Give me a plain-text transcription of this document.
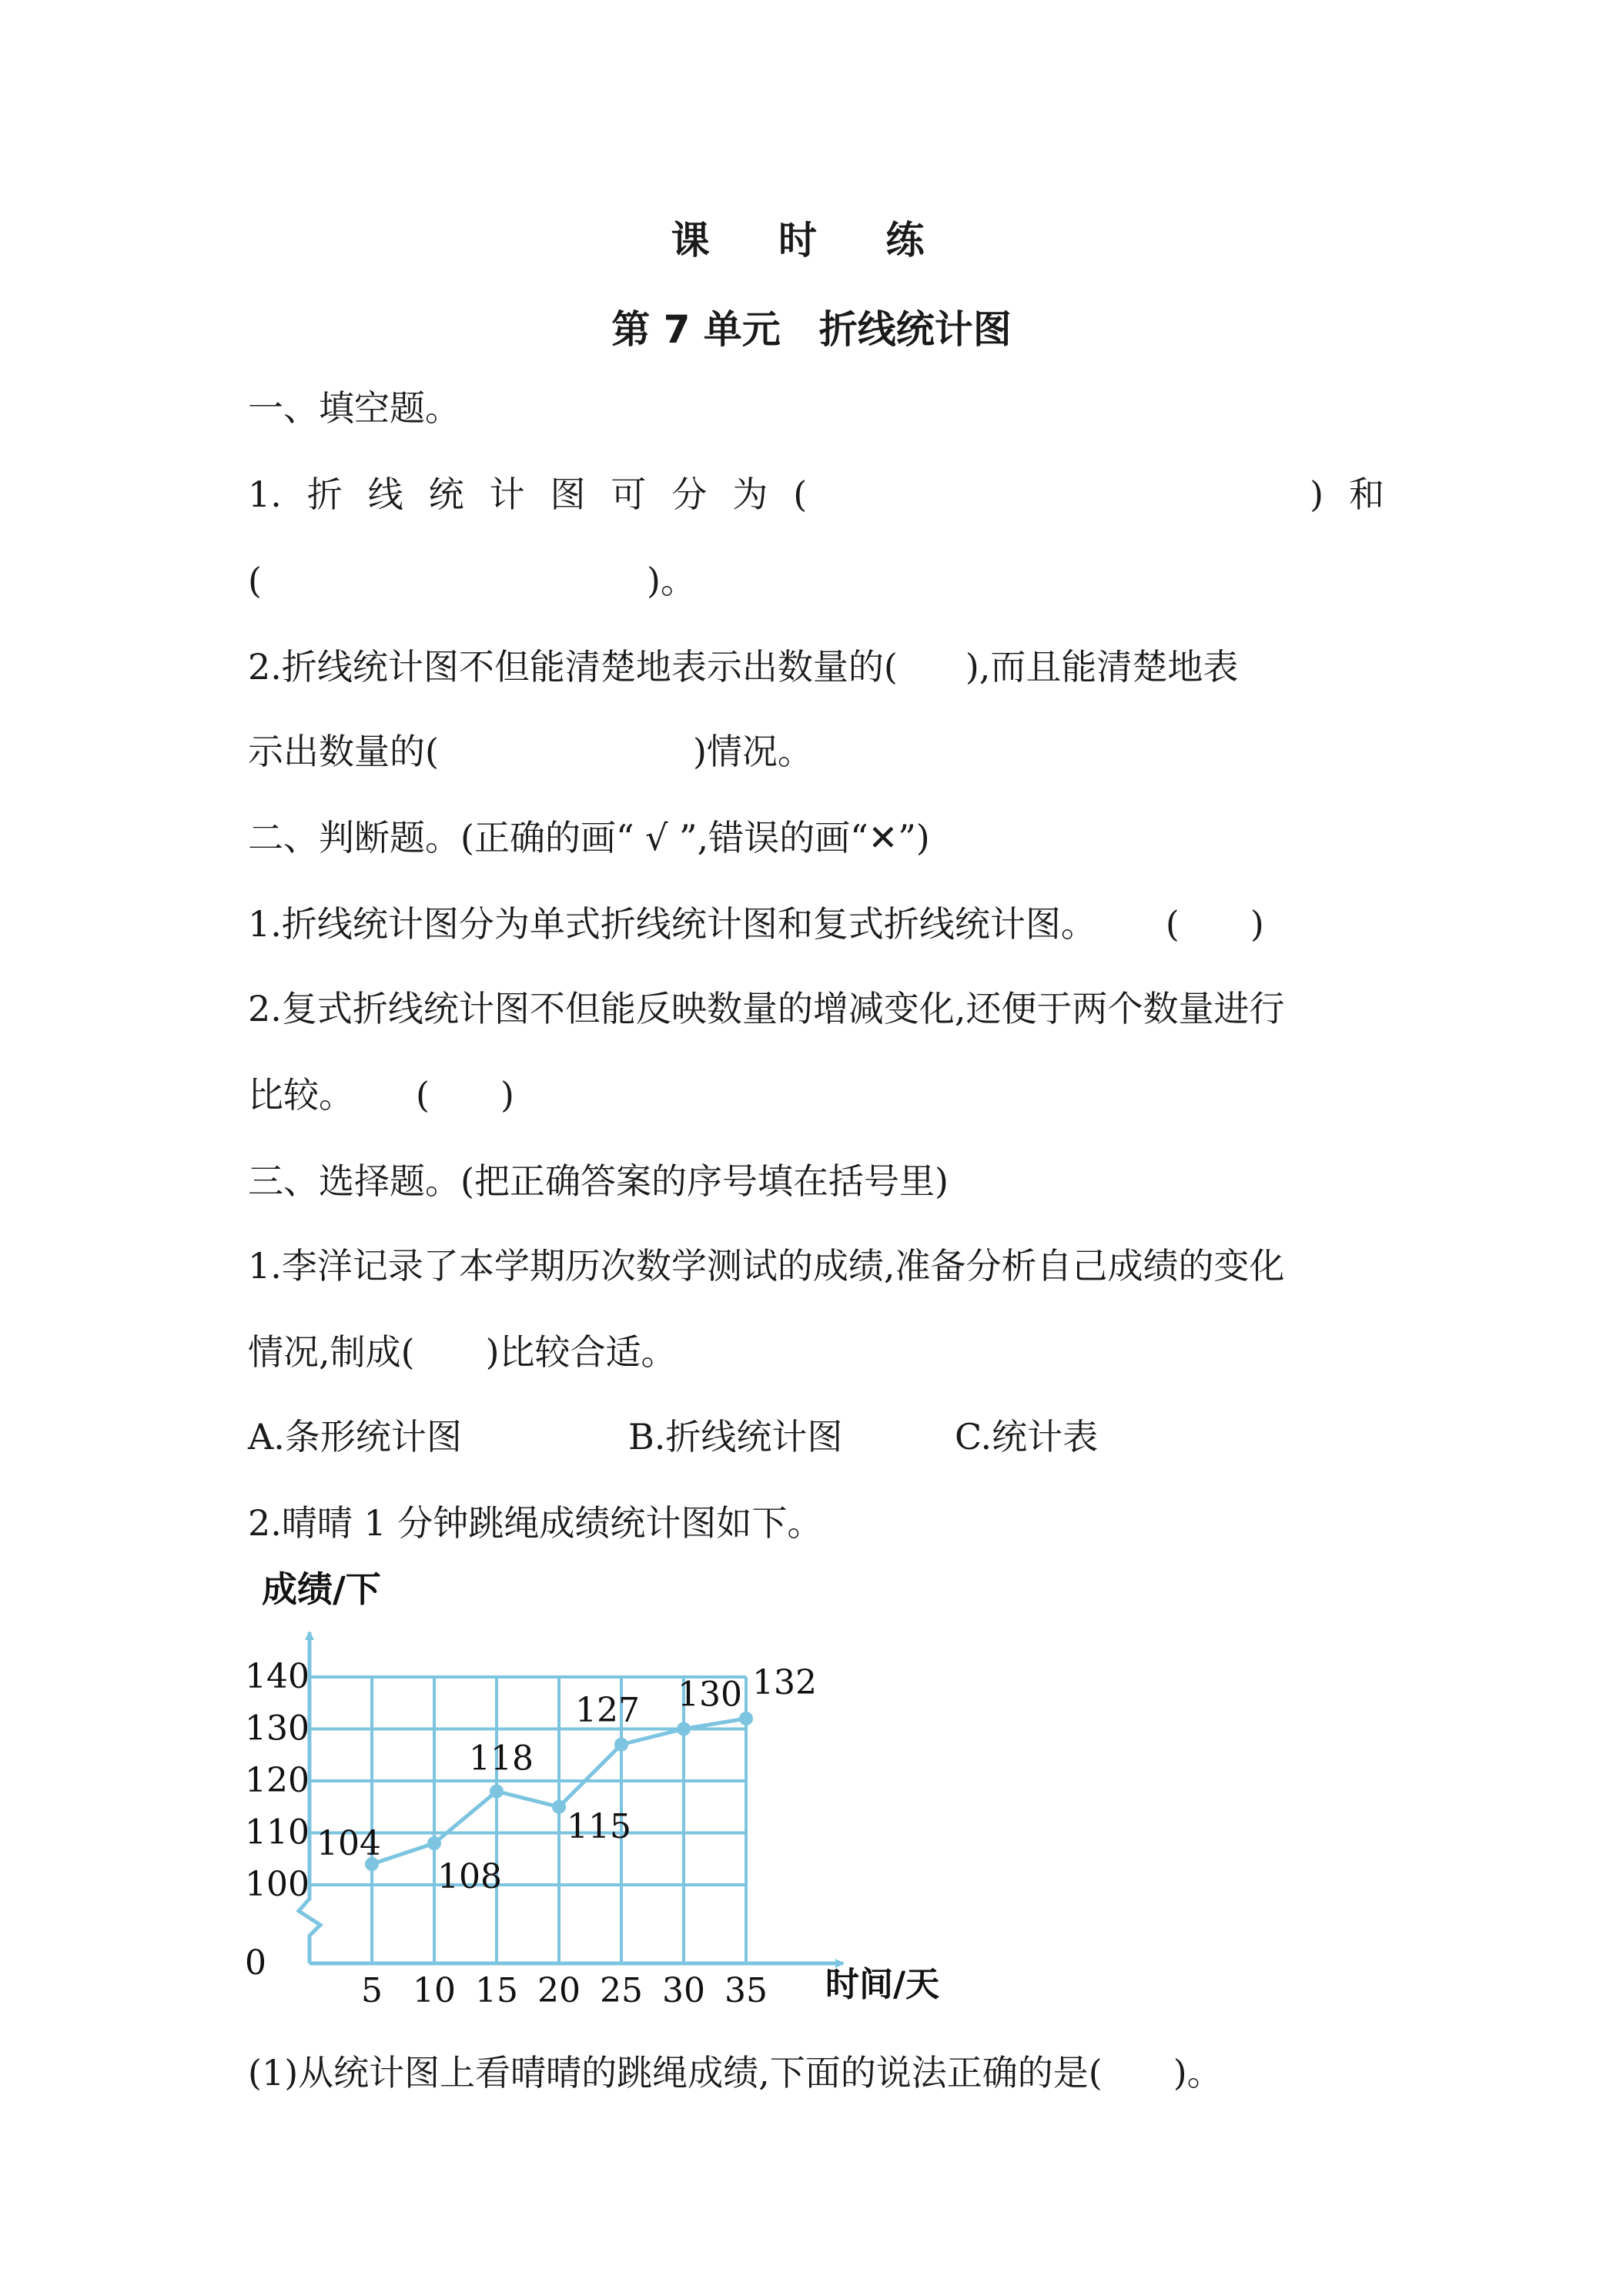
课 时 练
第 7 单元　折线统计图
一、填空题。
1. 折 线 统 计 图 可 分 为 (	) 和
(	)。
2.折线统计图不但能清楚地表示出数量的( ),而且能清楚地表
示出数量的(	)情况。
二、判断题。(正确的画“ √ ”,错误的画“✕”)
1.折线统计图分为单式折线统计图和复式折线统计图。 (　　)
2.复式折线统计图不但能反映数量的增减变化,还便于两个数量进行
比较。 (　　)
三、选择题。(把正确答案的序号填在括号里)
1.李洋记录了本学期历次数学测试的成绩,准备分析自己成绩的变化
情况,制成(　　)比较合适。
A.条形统计图	B.折线统计图	C.统计表
2.晴晴 1 分钟跳绳成绩统计图如下。
0
100
110
120
130
140
5 10 15 20 25 30 35
104
108
118
115
127 130 132
成绩/下
时间/天
(1)从统计图上看晴晴的跳绳成绩,下面的说法正确的是(　　)。
